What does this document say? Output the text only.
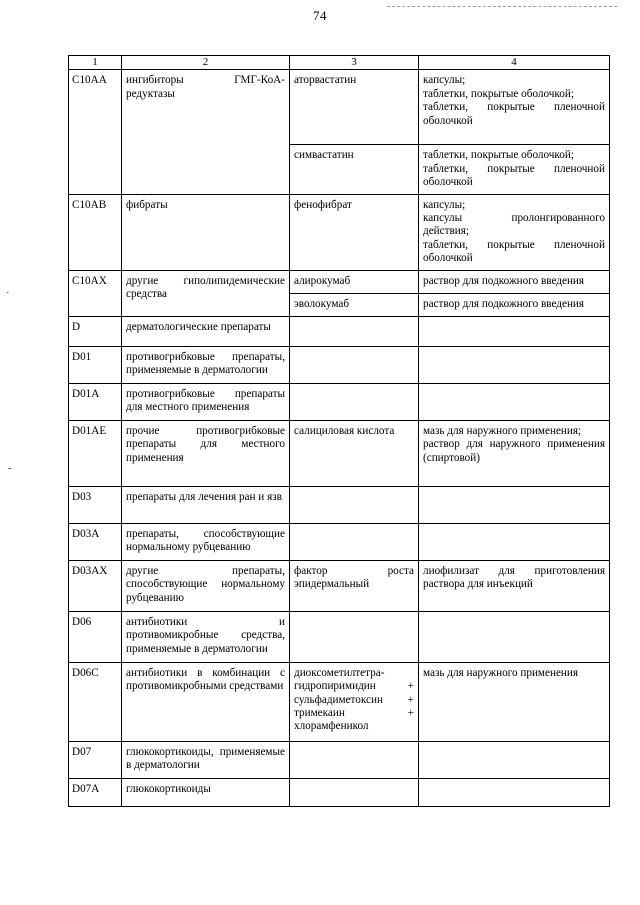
74
·
-
1	2	3	4
C10AA	ингибиторы ГМГ-КоА-редуктазы	аторвастатин	капсулы;
таблетки, покрытые оболочкой;
таблетки, покрытые пленочной оболочкой

		симвастатин	таблетки, покрытые оболочкой;
таблетки, покрытые пленочной оболочкой

C10AB	фибраты	фенофибрат	капсулы;
капсулы пролонгированного действия;
таблетки, покрытые пленочной оболочкой

C10AX	другие гиполипидемические средства	алирокумаб	раствор для подкожного введения

		эволокумаб	раствор для подкожного введения

D	дерматологические препараты		
D01	противогрибковые препараты, применяемые в дерматологии		
D01A	противогрибковые препараты для местного применения		
D01AE	прочие противогрибковые препараты для местного применения	салициловая кислота	мазь для наружного применения;
раствор для наружного применения (спиртовой)

D03	препараты для лечения ран и язв		
D03A	препараты, способствующие нормальному рубцеванию		
D03AX	другие препараты, способствующие нормальному рубцеванию	фактор роста эпидермальный	лиофилизат для приготовления раствора для инъекций

D06	антибиотики и противомикробные средства, применяемые в дерматологии		
D06C	антибиотики в комбинации с противомикробными средствами	диоксометилтетра-гидропиримидин + сульфадиметоксин + тримекаин + хлорамфеникол	мазь для наружного применения

D07	глюкокортикоиды, применяемые в дерматологии		
D07A	глюкокортикоиды		
